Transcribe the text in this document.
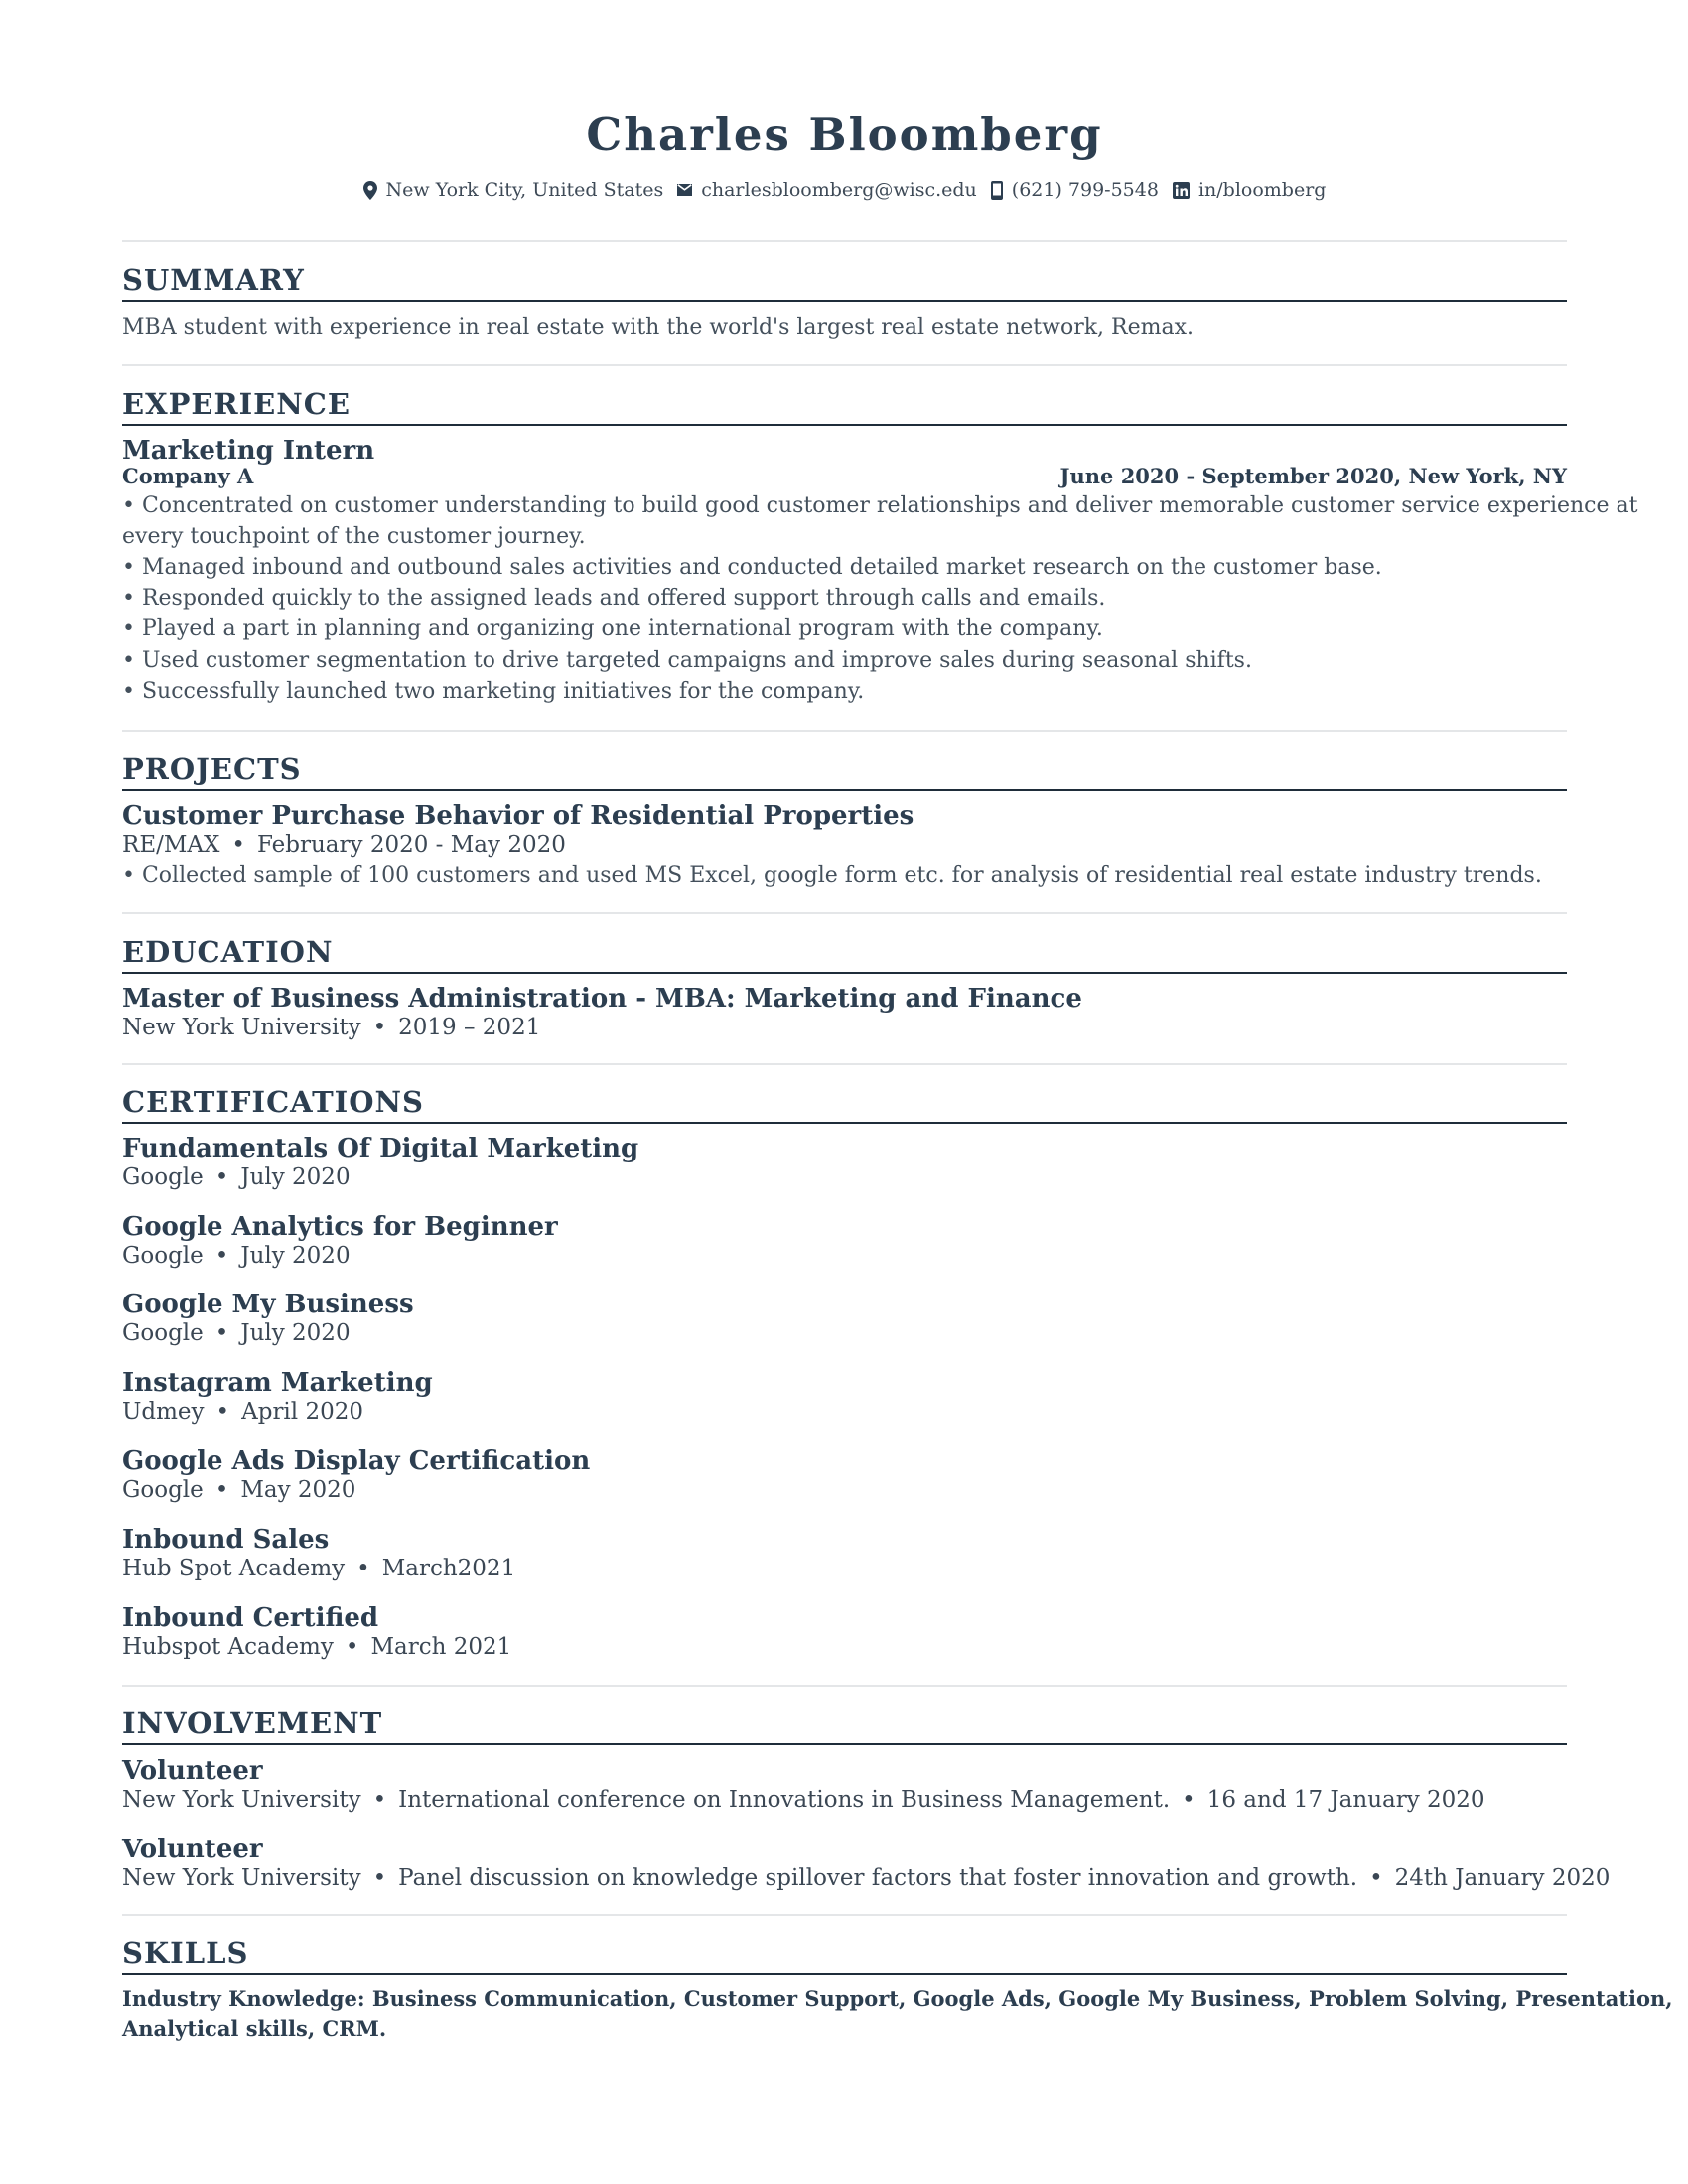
Charles Bloomberg
New York City, United States charlesbloomberg@wisc.edu (621) 799-5548 in/bloomberg
SUMMARY
MBA student with experience in real estate with the world's largest real estate network, Remax.
EXPERIENCE
Marketing Intern
Company A	June 2020 - September 2020, New York, NY
• Concentrated on customer understanding to build good customer relationships and deliver memorable customer service experience at
every touchpoint of the customer journey.
• Managed inbound and outbound sales activities and conducted detailed market research on the customer base.
• Responded quickly to the assigned leads and offered support through calls and emails.
• Played a part in planning and organizing one international program with the company.
• Used customer segmentation to drive targeted campaigns and improve sales during seasonal shifts.
• Successfully launched two marketing initiatives for the company.
PROJECTS
Customer Purchase Behavior of Residential Properties
RE/MAX • February 2020 - May 2020
• Collected sample of 100 customers and used MS Excel, google form etc. for analysis of residential real estate industry trends.
EDUCATION
Master of Business Administration - MBA: Marketing and Finance
New York University • 2019 – 2021
CERTIFICATIONS
Fundamentals Of Digital Marketing
Google • July 2020
Google Analytics for Beginner
Google • July 2020
Google My Business
Google • July 2020
Instagram Marketing
Udmey • April 2020
Google Ads Display Certification
Google • May 2020
Inbound Sales
Hub Spot Academy • March2021
Inbound Certified
Hubspot Academy • March 2021
INVOLVEMENT
Volunteer
New York University • International conference on Innovations in Business Management. • 16 and 17 January 2020
Volunteer
New York University • Panel discussion on knowledge spillover factors that foster innovation and growth. • 24th January 2020
SKILLS
Industry Knowledge: Business Communication, Customer Support, Google Ads, Google My Business, Problem Solving, Presentation,
Analytical skills, CRM.
